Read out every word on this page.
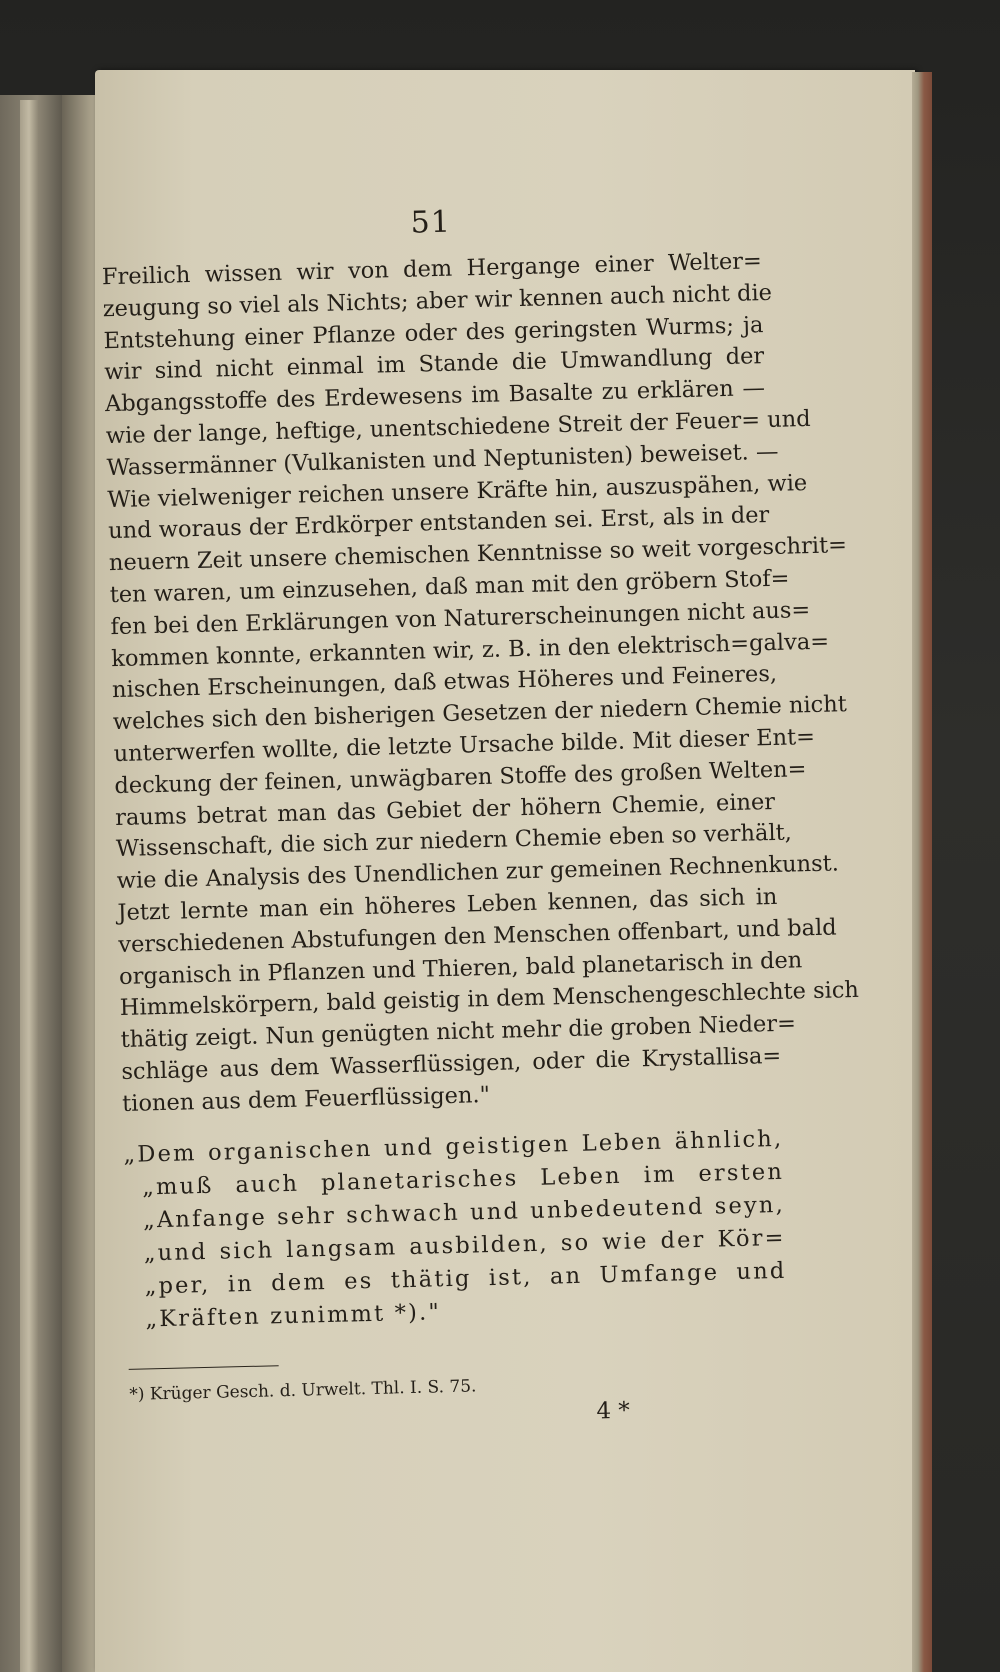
51
Freilich wissen wir von dem Hergange einer Welter=
zeugung so viel als Nichts; aber wir kennen auch nicht die
Entstehung einer Pflanze oder des geringsten Wurms; ja
wir sind nicht einmal im Stande die Umwandlung der
Abgangsstoffe des Erdewesens im Basalte zu erklären —
wie der lange, heftige, unentschiedene Streit der Feuer= und
Wassermänner (Vulkanisten und Neptunisten) beweiset. —
Wie vielweniger reichen unsere Kräfte hin, auszuspähen, wie
und woraus der Erdkörper entstanden sei. Erst, als in der
neuern Zeit unsere chemischen Kenntnisse so weit vorgeschrit=
ten waren, um einzusehen, daß man mit den gröbern Stof=
fen bei den Erklärungen von Naturerscheinungen nicht aus=
kommen konnte, erkannten wir, z. B. in den elektrisch=galva=
nischen Erscheinungen, daß etwas Höheres und Feineres,
welches sich den bisherigen Gesetzen der niedern Chemie nicht
unterwerfen wollte, die letzte Ursache bilde. Mit dieser Ent=
deckung der feinen, unwägbaren Stoffe des großen Welten=
raums betrat man das Gebiet der höhern Chemie, einer
Wissenschaft, die sich zur niedern Chemie eben so verhält,
wie die Analysis des Unendlichen zur gemeinen Rechnenkunst.
Jetzt lernte man ein höheres Leben kennen, das sich in
verschiedenen Abstufungen den Menschen offenbart, und bald
organisch in Pflanzen und Thieren, bald planetarisch in den
Himmelskörpern, bald geistig in dem Menschengeschlechte sich
thätig zeigt. Nun genügten nicht mehr die groben Nieder=
schläge aus dem Wasserflüssigen, oder die Krystallisa=
tionen aus dem Feuerflüssigen."
„Dem organischen und geistigen Leben ähnlich,
„muß auch planetarisches Leben im ersten
„Anfange sehr schwach und unbedeutend seyn,
„und sich langsam ausbilden, so wie der Kör=
„per, in dem es thätig ist, an Umfange und
„Kräften zunimmt *)."
*) Krüger Gesch. d. Urwelt. Thl. I. S. 75.
4 *
